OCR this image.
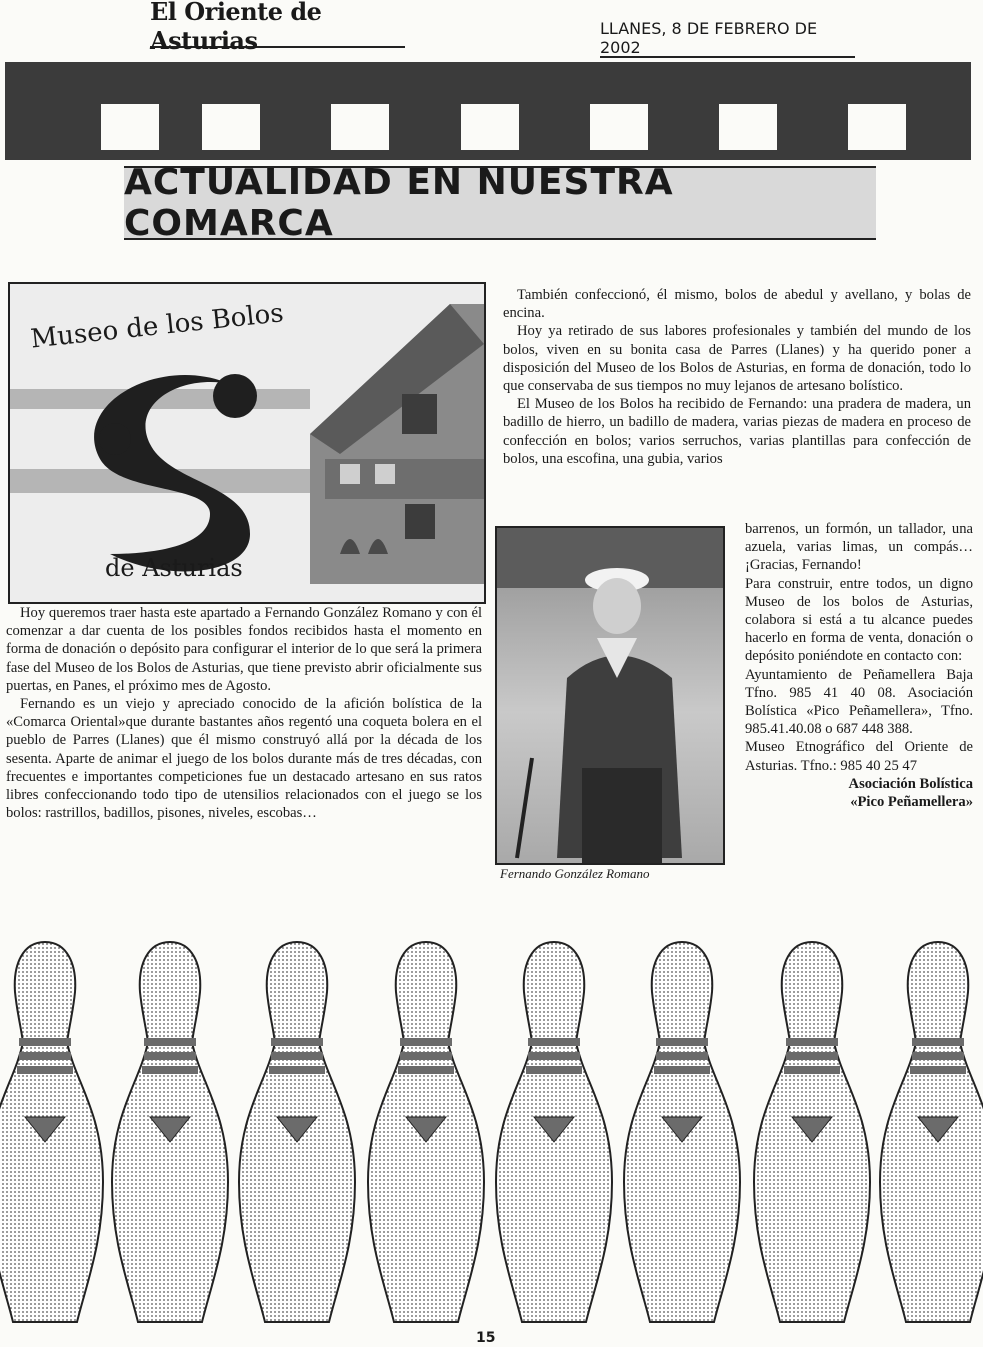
El Oriente de Asturias	LLANES, 8 DE FEBRERO DE 2002
ACTUALIDAD EN NUESTRA COMARCA
Museo de los Bolos
de Asturias
Fernando González Romano

Hoy queremos traer hasta este apartado a Fernando González Romano y con él comenzar a dar cuenta de los posibles fondos recibidos hasta el momento en forma de donación o depósito para configurar el interior de lo que será la primera fase del Museo de los Bolos de Asturias, que tiene previsto abrir oficialmente sus puertas, en Panes, el próximo mes de Agosto.

Fernando es un viejo y apreciado conocido de la afición bolística de la «Comarca Oriental»que durante bastantes años regentó una coqueta bolera en el pueblo de Parres (Llanes) que él mismo construyó allá por la década de los sesenta. Aparte de animar el juego de los bolos durante más de tres décadas, con frecuentes e importantes competiciones fue un destacado artesano en sus ratos libres confeccionando todo tipo de utensilios relacionados con el juego se los bolos: rastrillos, badillos, pisones, niveles, escobas…

También confeccionó, él mismo, bolos de abedul y avellano, y bolas de encina.

Hoy ya retirado de sus labores profesionales y también del mundo de los bolos, viven en su bonita casa de Parres (Llanes) y ha querido poner a disposición del Museo de los Bolos de Asturias, en forma de donación, todo lo que conservaba de sus tiempos no muy lejanos de artesano bolístico.

El Museo de los Bolos ha recibido de Fernando: una pradera de madera, un badillo de hierro, un badillo de madera, varias piezas de madera en proceso de confección en bolos; varios serruchos, varias plantillas para confección de bolos, una escofina, una gubia, varios

barrenos, un formón, un tallador, una azuela, varias limas, un compás… ¡Gracias, Fernando!

Para construir, entre todos, un digno Museo de los bolos de Asturias, colabora si está a tu alcance puedes hacerlo en forma de venta, donación o depósito poniéndote en contacto con:

Ayuntamiento de Peñamellera Baja Tfno. 985 41 40 08. Asociación Bolística «Pico Peñamellera», Tfno. 985.41.40.08 o 687 448 388.

Museo Etnográfico del Oriente de Asturias. Tfno.: 985 40 25 47

Asociación Bolística

«Pico Peñamellera»

15
